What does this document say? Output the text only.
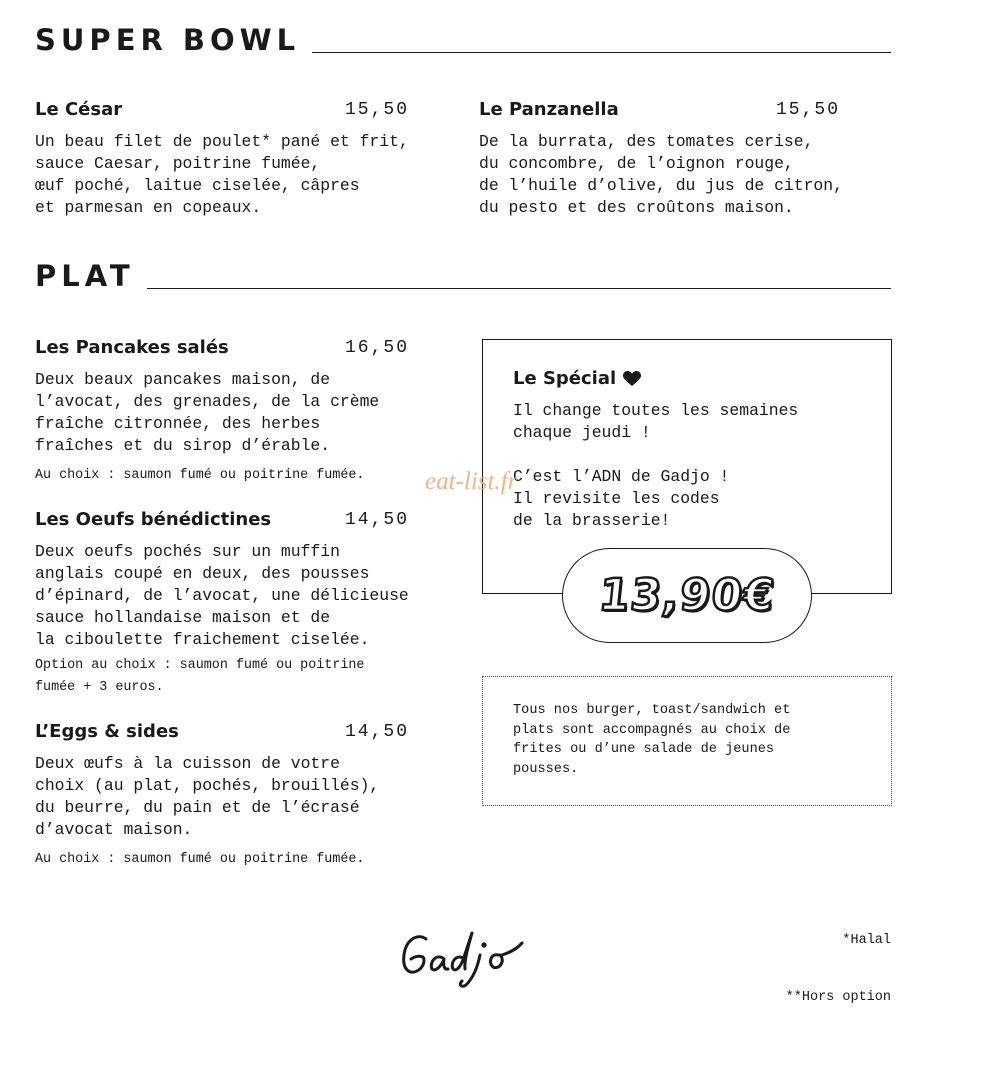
SUPER BOWL
Le César	15,50
Un beau filet de poulet* pané et frit,
sauce Caesar, poitrine fumée,
œuf poché, laitue ciselée, câpres
et parmesan en copeaux.
Le Panzanella	15,50
De la burrata, des tomates cerise,
du concombre, de l’oignon rouge,
de l’huile d’olive, du jus de citron,
du pesto et des croûtons maison.
PLAT
Les Pancakes salés	16,50
Deux beaux pancakes maison, de
l’avocat, des grenades, de la crème
fraîche citronnée, des herbes
fraîches et du sirop d’érable.
Au choix : saumon fumé ou poitrine fumée.
Les Oeufs bénédictines	14,50
Deux oeufs pochés sur un muffin
anglais coupé en deux, des pousses
d’épinard, de l’avocat, une délicieuse
sauce hollandaise maison et de
la ciboulette fraichement ciselée.
Option au choix : saumon fumé ou poitrine
fumée + 3 euros.
L’Eggs & sides	14,50
Deux œufs à la cuisson de votre
choix (au plat, pochés, brouillés),
du beurre, du pain et de l’écrasé
d’avocat maison.
Au choix : saumon fumé ou poitrine fumée.
Le Spécial
Il change toutes les semaines
chaque jeudi !
C’est l’ADN de Gadjo !
Il revisite les codes
de la brasserie!
13,90€
Tous nos burger, toast/sandwich et
plats sont accompagnés au choix de
frites ou d’une salade de jeunes
pousses.

*Halal

**Hors option

eat-list.fr
